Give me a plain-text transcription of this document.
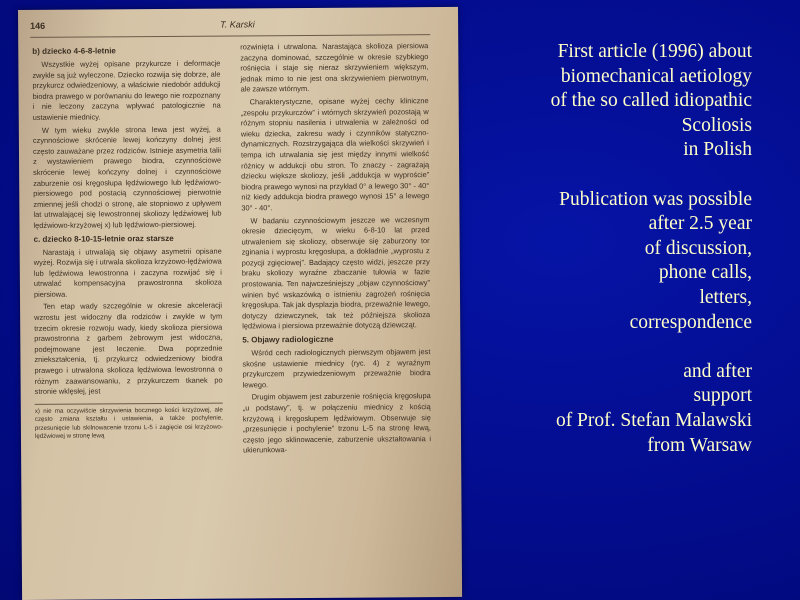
146	T. Karski
b) dziecko 4-6-8-letnie

Wszystkie wyżej opisane przykurcze i deformacje zwykle są już wyleczone. Dziecko rozwija się dobrze, ale przykurcz odwiedzeniowy, a właściwie niedobór addukcji biodra prawego w porównaniu do lewego nie rozpoznany i nie leczony zaczyna wpływać patologicznie na ustawienie miednicy.

W tym wieku zwykle strona lewa jest wyżej, a czynnościowe skrócenie lewej kończyny dolnej jest często zauważane przez rodziców. Istnieje asymetria talii z wystawieniem prawego biodra, czynnościowe skrócenie lewej kończyny dolnej i czynnościowe zaburzenie osi kręgosłupa lędźwiowego lub lędźwiowo-piersiowego pod postacią czynnościowej pierwotnie zmiennej jeśli chodzi o stronę, ale stopniowo z upływem lat utrwalającej się lewostronnej skoliozy lędźwiowej lub lędźwiowo-krzyżowej x) lub lędźwiowo-piersiowej.

c. dziecko 8-10-15-letnie oraz starsze

Narastają i utrwalają się objawy asymetrii opisane wyżej. Rozwija się i utrwala skolioza krzyżowo-lędźwiowa lub lędźwiowa lewostronna i zaczyna rozwijać się i utrwalać kompensacyjna prawostronna skolioza piersiowa.

Ten etap wady szczególnie w okresie akceleracji wzrostu jest widoczny dla rodziców i zwykle w tym trzecim okresie rozwoju wady, kiedy skolioza piersiowa prawostronna z garbem żebrowym jest widoczna, podejmowane jest leczenie. Dwa poprzednie zniekształcenia, tj. przykurcz odwiedzeniowy biodra prawego i utrwalona skolioza lędźwiowa lewostronna o różnym zaawansowaniu, z przykurczem tkanek po stronie wklęsłej, jest

x) nie ma oczywiście skrzywienia bocznego kości krzyżowej, ale często zmiana kształtu i ustawienia, a także pochylenie, przesunięcie lub skilnowacenie trzonu L-5 i zagięcie osi krzyżowo-lędźwiowej w stronę lewą

rozwinięta i utrwalona. Narastająca skolioza piersiowa zaczyna dominować, szczególnie w okresie szybkiego rośnięcia i staje się nieraz skrzywieniem większym, jednak mimo to nie jest ona skrzywieniem pierwotnym, ale zawsze wtórnym.

Charakterystyczne, opisane wyżej cechy kliniczne „zespołu przykurczów” i wtórnych skrzywień pozostają w różnym stopniu nasilenia i utrwalenia w zależności od wieku dziecka, zakresu wady i czynników statyczno-dynamicznych. Rozstrzygająca dla wielkości skrzywień i tempa ich utrwalania się jest między innymi wielkość różnicy w addukcji obu stron. To znaczy - zagrażają dziecku większe skoliozy, jeśli „addukcja w wyproście” biodra prawego wynosi na przykład 0° a lewego 30° - 40° niż kiedy addukcja biodra prawego wynosi 15° a lewego 30° - 40°.

W badaniu czynnościowym jeszcze we wczesnym okresie dziecięcym, w wieku 6-8-10 lat przed utrwaleniem się skoliozy, obserwuje się zaburzony tor zginania i wyprostu kręgosłupa, a dokładnie „wyprostu z pozycji zgięciowej”. Badający często widzi, jeszcze przy braku skoliozy wyraźne zbaczanie tułowia w fazie prostowania. Ten najwcześniejszy „objaw czynnościowy” winien być wskazówką o istnieniu zagrożeń rośnięcia kręgosłupa. Tak jak dysplazja biodra, przeważnie lewego, dotyczy dziewczynek, tak też późniejsza skolioza lędźwiowa i piersiowa przeważnie dotyczą dziewcząt.

5. Objawy radiologiczne

Wśród cech radiologicznych pierwszym objawem jest skośne ustawienie miednicy (ryc. 4) z wyraźnym przykurczem przywiedzeniowym przeważnie biodra lewego.

Drugim objawem jest zaburzenie rośnięcia kręgosłupa „u podstawy”, tj. w połączeniu miednicy z kością krzyżową i kręgosłupem lędźwiowym. Obserwuje się „przesunięcie i pochylenie” trzonu L-5 na stronę lewą, często jego sklinowacenie, zaburzenie ukształtowania i ukierunkowa-

First article (1996) about
biomechanical aetiology
of the so called idiopathic
Scoliosis
in Polish
Publication was possible
after 2.5 year
of discussion,
phone calls,
letters,
correspondence
and after
support
of Prof. Stefan Malawski
from Warsaw
